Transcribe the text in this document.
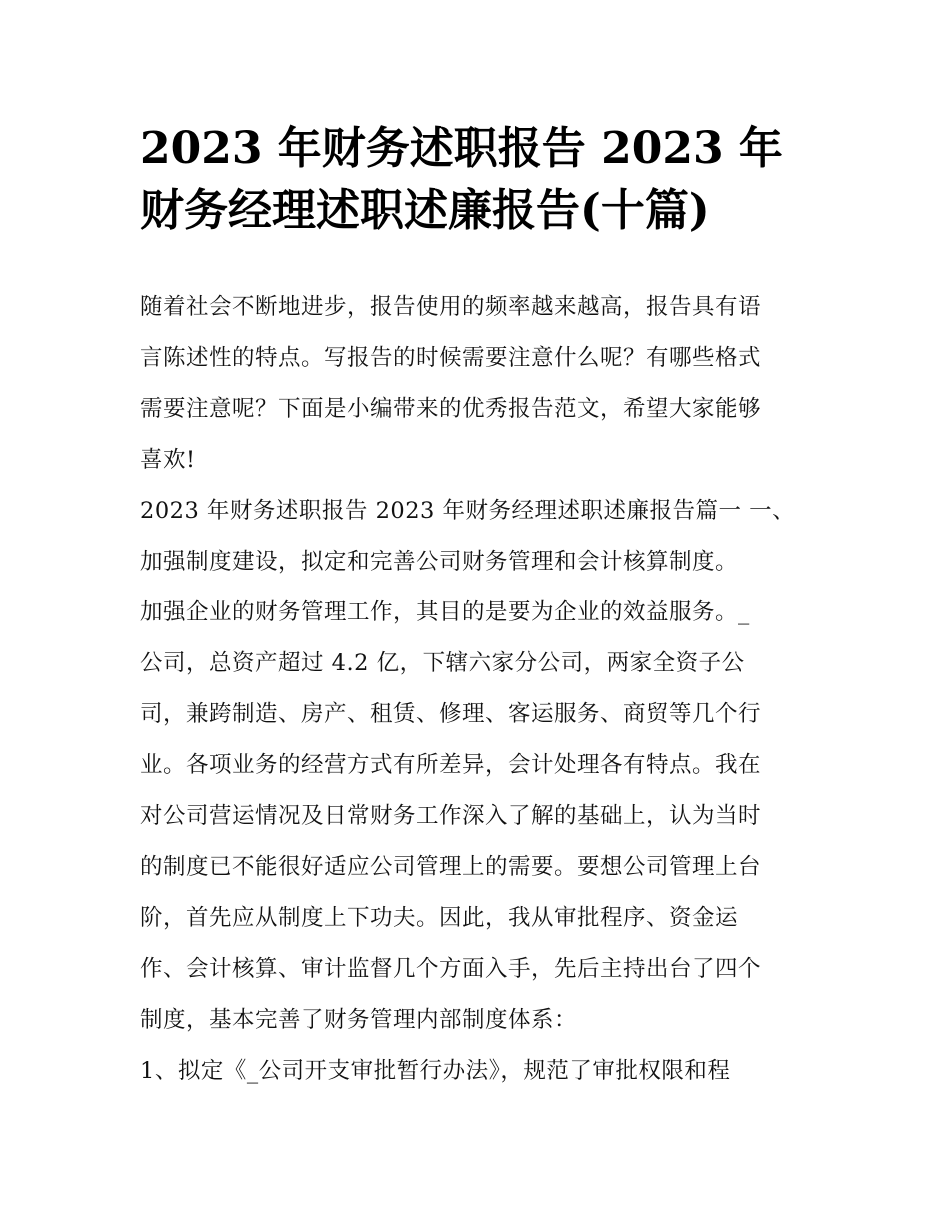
2023 年财务述职报告 2023 年
财务经理述职述廉报告(十篇)
随着社会不断地进步，报告使用的频率越来越高，报告具有语
言陈述性的特点。写报告的时候需要注意什么呢？有哪些格式
需要注意呢？下面是小编带来的优秀报告范文，希望大家能够
喜欢!
2023 年财务述职报告 2023 年财务经理述职述廉报告篇一 一、
加强制度建设，拟定和完善公司财务管理和会计核算制度。
加强企业的财务管理工作，其目的是要为企业的效益服务。_
公司，总资产超过 4.2 亿，下辖六家分公司，两家全资子公
司，兼跨制造、房产、租赁、修理、客运服务、商贸等几个行
业。各项业务的经营方式有所差异，会计处理各有特点。我在
对公司营运情况及日常财务工作深入了解的基础上，认为当时
的制度已不能很好适应公司管理上的需要。要想公司管理上台
阶，首先应从制度上下功夫。因此，我从审批程序、资金运
作、会计核算、审计监督几个方面入手，先后主持出台了四个
制度，基本完善了财务管理内部制度体系：
1、拟定《_公司开支审批暂行办法》，规范了审批权限和程
